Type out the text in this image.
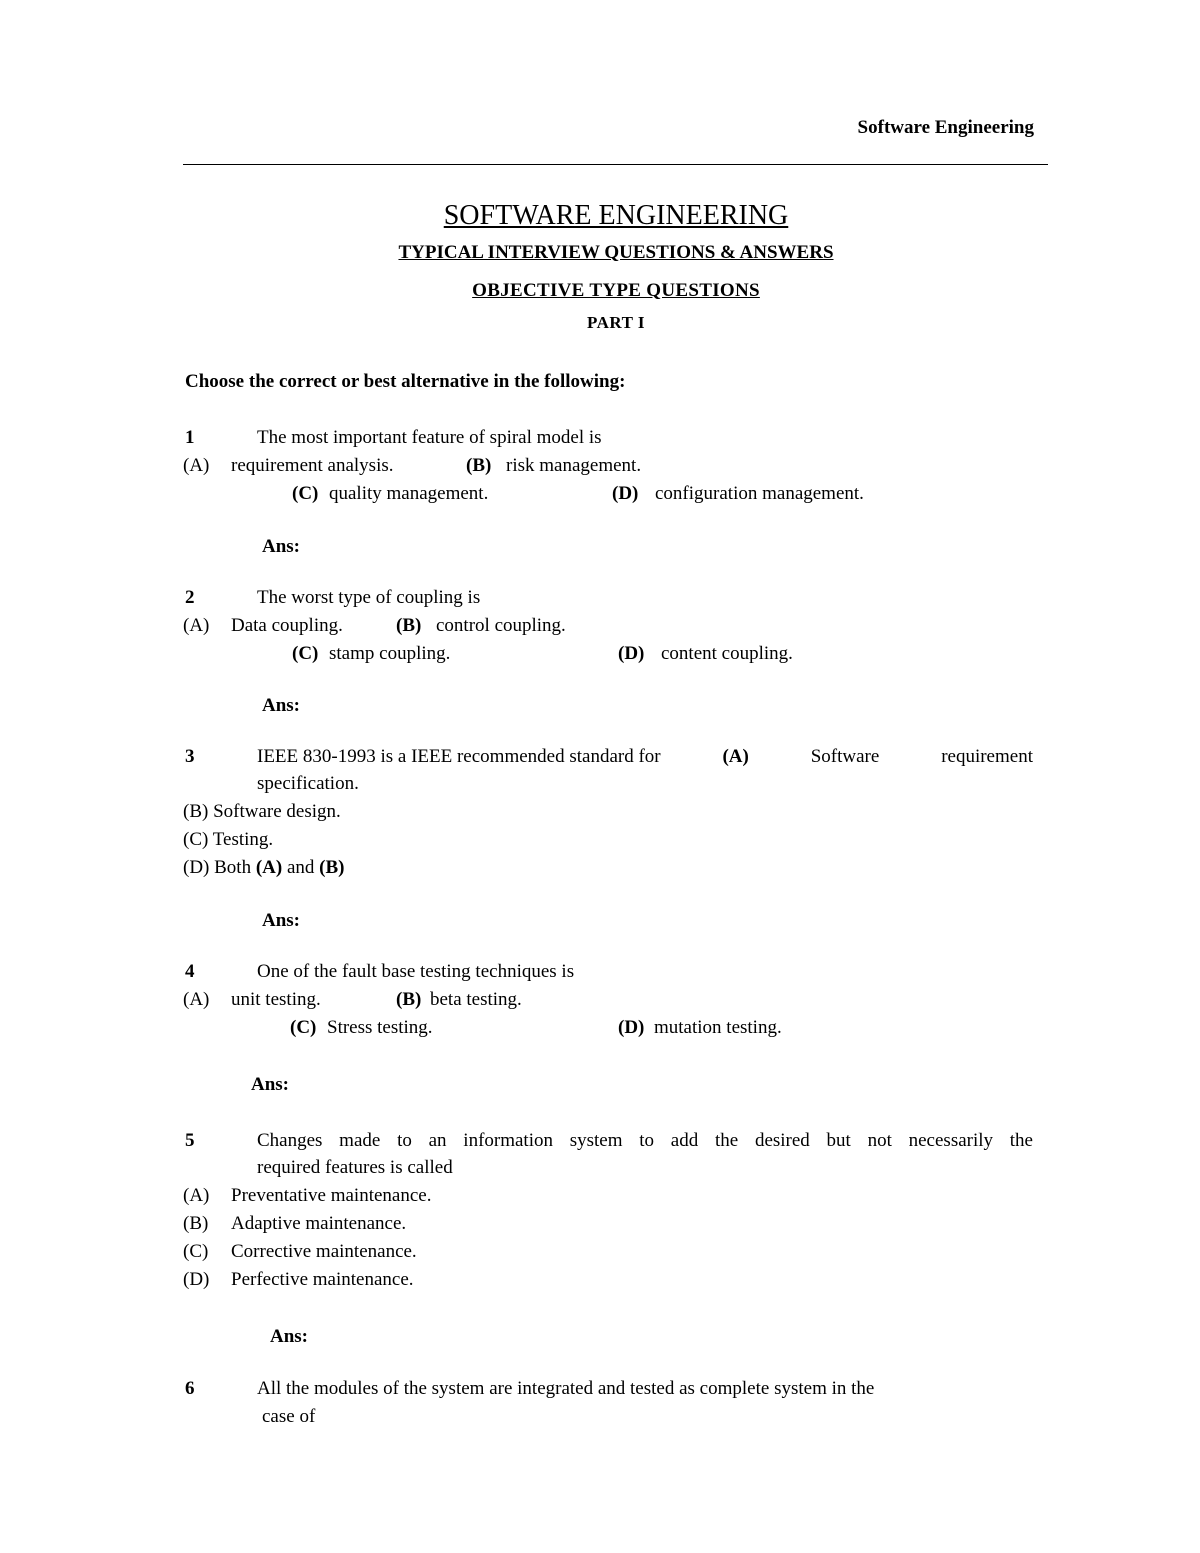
Software Engineering
SOFTWARE ENGINEERING
TYPICAL INTERVIEW QUESTIONS & ANSWERS
OBJECTIVE TYPE QUESTIONS
PART I
Choose the correct or best alternative in the following:
1	The most important feature of spiral model is
(A) requirement analysis.	(B) risk management.
(C) quality management.	(D) configuration management.
Ans:
2	The worst type of coupling is
(A) Data coupling.	(B) control coupling.
(C) stamp coupling.	(D) content coupling.
Ans:
3	IEEE 830-1993 is a IEEE recommended standard for	(A)	Software	requirement
specification.
(B) Software design.
(C) Testing.
(D) Both (A) and (B)
Ans:
4	One of the fault base testing techniques is
(A) unit testing.	(B) beta testing.
(C) Stress testing.	(D) mutation testing.
Ans:
5	Changes made to an information system to add the desired but not necessarily the
required features is called
(A) Preventative maintenance.
(B) Adaptive maintenance.
(C) Corrective maintenance.
(D) Perfective maintenance.
Ans:
6	All the modules of the system are integrated and tested as complete system in the
case of
